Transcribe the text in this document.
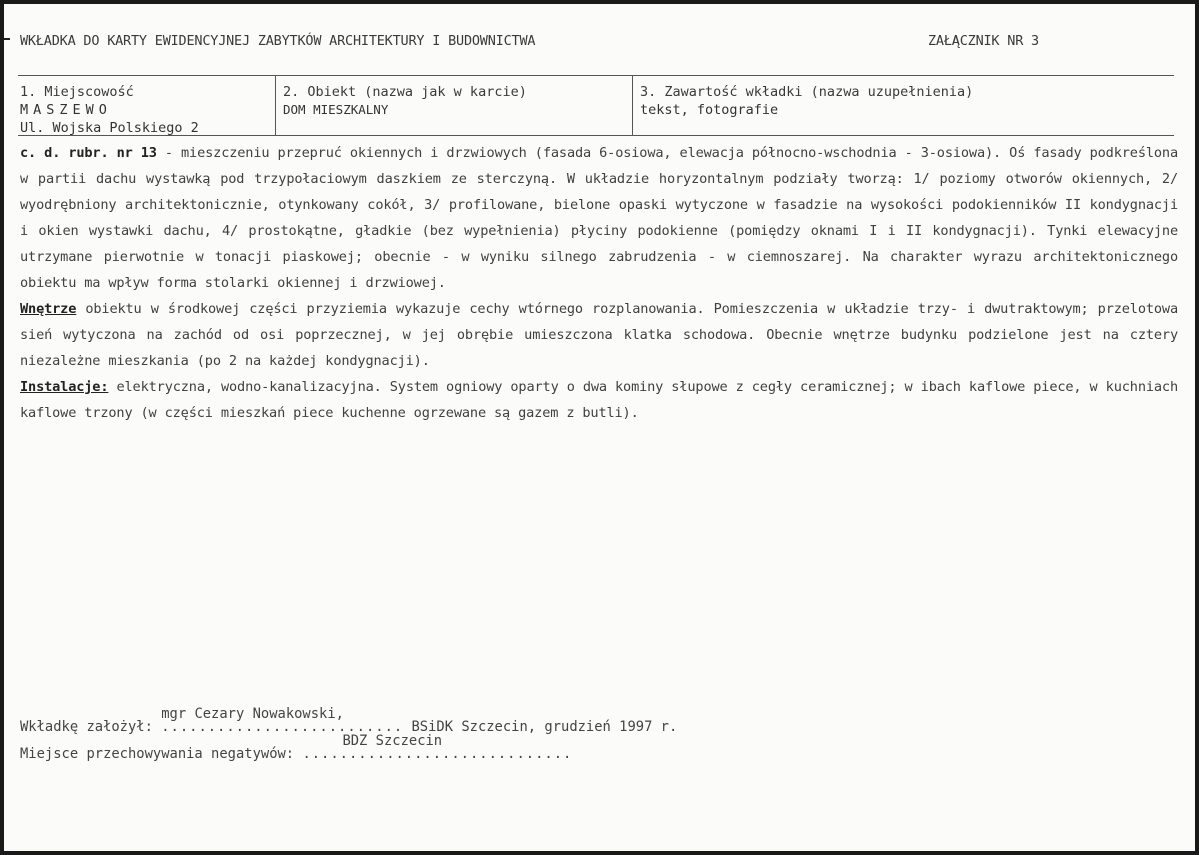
WKŁADKA DO KARTY EWIDENCYJNEJ ZABYTKÓW ARCHITEKTURY I BUDOWNICTWA	ZAŁĄCZNIK NR 3
1. Miejscowość
MASZEWO
Ul. Wojska Polskiego 2
2. Obiekt (nazwa jak w karcie)
DOM MIESZKALNY
3. Zawartość wkładki (nazwa uzupełnienia)
tekst, fotografie

c. d. rubr. nr 13 - mieszczeniu przepruć okiennych i drzwiowych (fasada 6-osiowa, elewacja północno-wschodnia - 3-osiowa). Oś fasady podkreślona w partii dachu wystawką pod trzypołaciowym daszkiem ze sterczyną. W układzie horyzontalnym podziały tworzą: 1/ poziomy otworów okiennych, 2/ wyodrębniony architektonicznie, otynkowany cokół, 3/ profilowane, bielone opaski wytyczone w fasadzie na wysokości podokienników II kondygnacji i okien wystawki dachu, 4/ prostokątne, gładkie (bez wypełnienia) płyciny podokienne (pomiędzy oknami I i II kondygnacji). Tynki elewacyjne utrzymane pierwotnie w tonacji piaskowej; obecnie - w wyniku silnego zabrudzenia - w ciemnoszarej. Na charakter wyrazu architektonicznego obiektu ma wpływ forma stolarki okiennej i drzwiowej.

Wnętrze obiektu w środkowej części przyziemia wykazuje cechy wtórnego rozplanowania. Pomieszczenia w układzie trzy- i dwutraktowym; przelotowa sień wytyczona na zachód od osi poprzecznej, w jej obrębie umieszczona klatka schodowa. Obecnie wnętrze budynku podzielone jest na cztery niezależne mieszkania (po 2 na każdej kondygnacji).

Instalacje: elektryczna, wodno-kanalizacyjna. System ogniowy oparty o dwa kominy słupowe z cegły ceramicznej; w ibach kaflowe piece, w kuchniach kaflowe trzony (w części mieszkań piece kuchenne ogrzewane są gazem z butli).

Wkładkę założył:
mgr Cezary Nowakowski,
.......................... BSiDK Szczecin, grudzień 1997 r.
Miejsce przechowywania negatywów:
BDZ Szczecin
.............................
